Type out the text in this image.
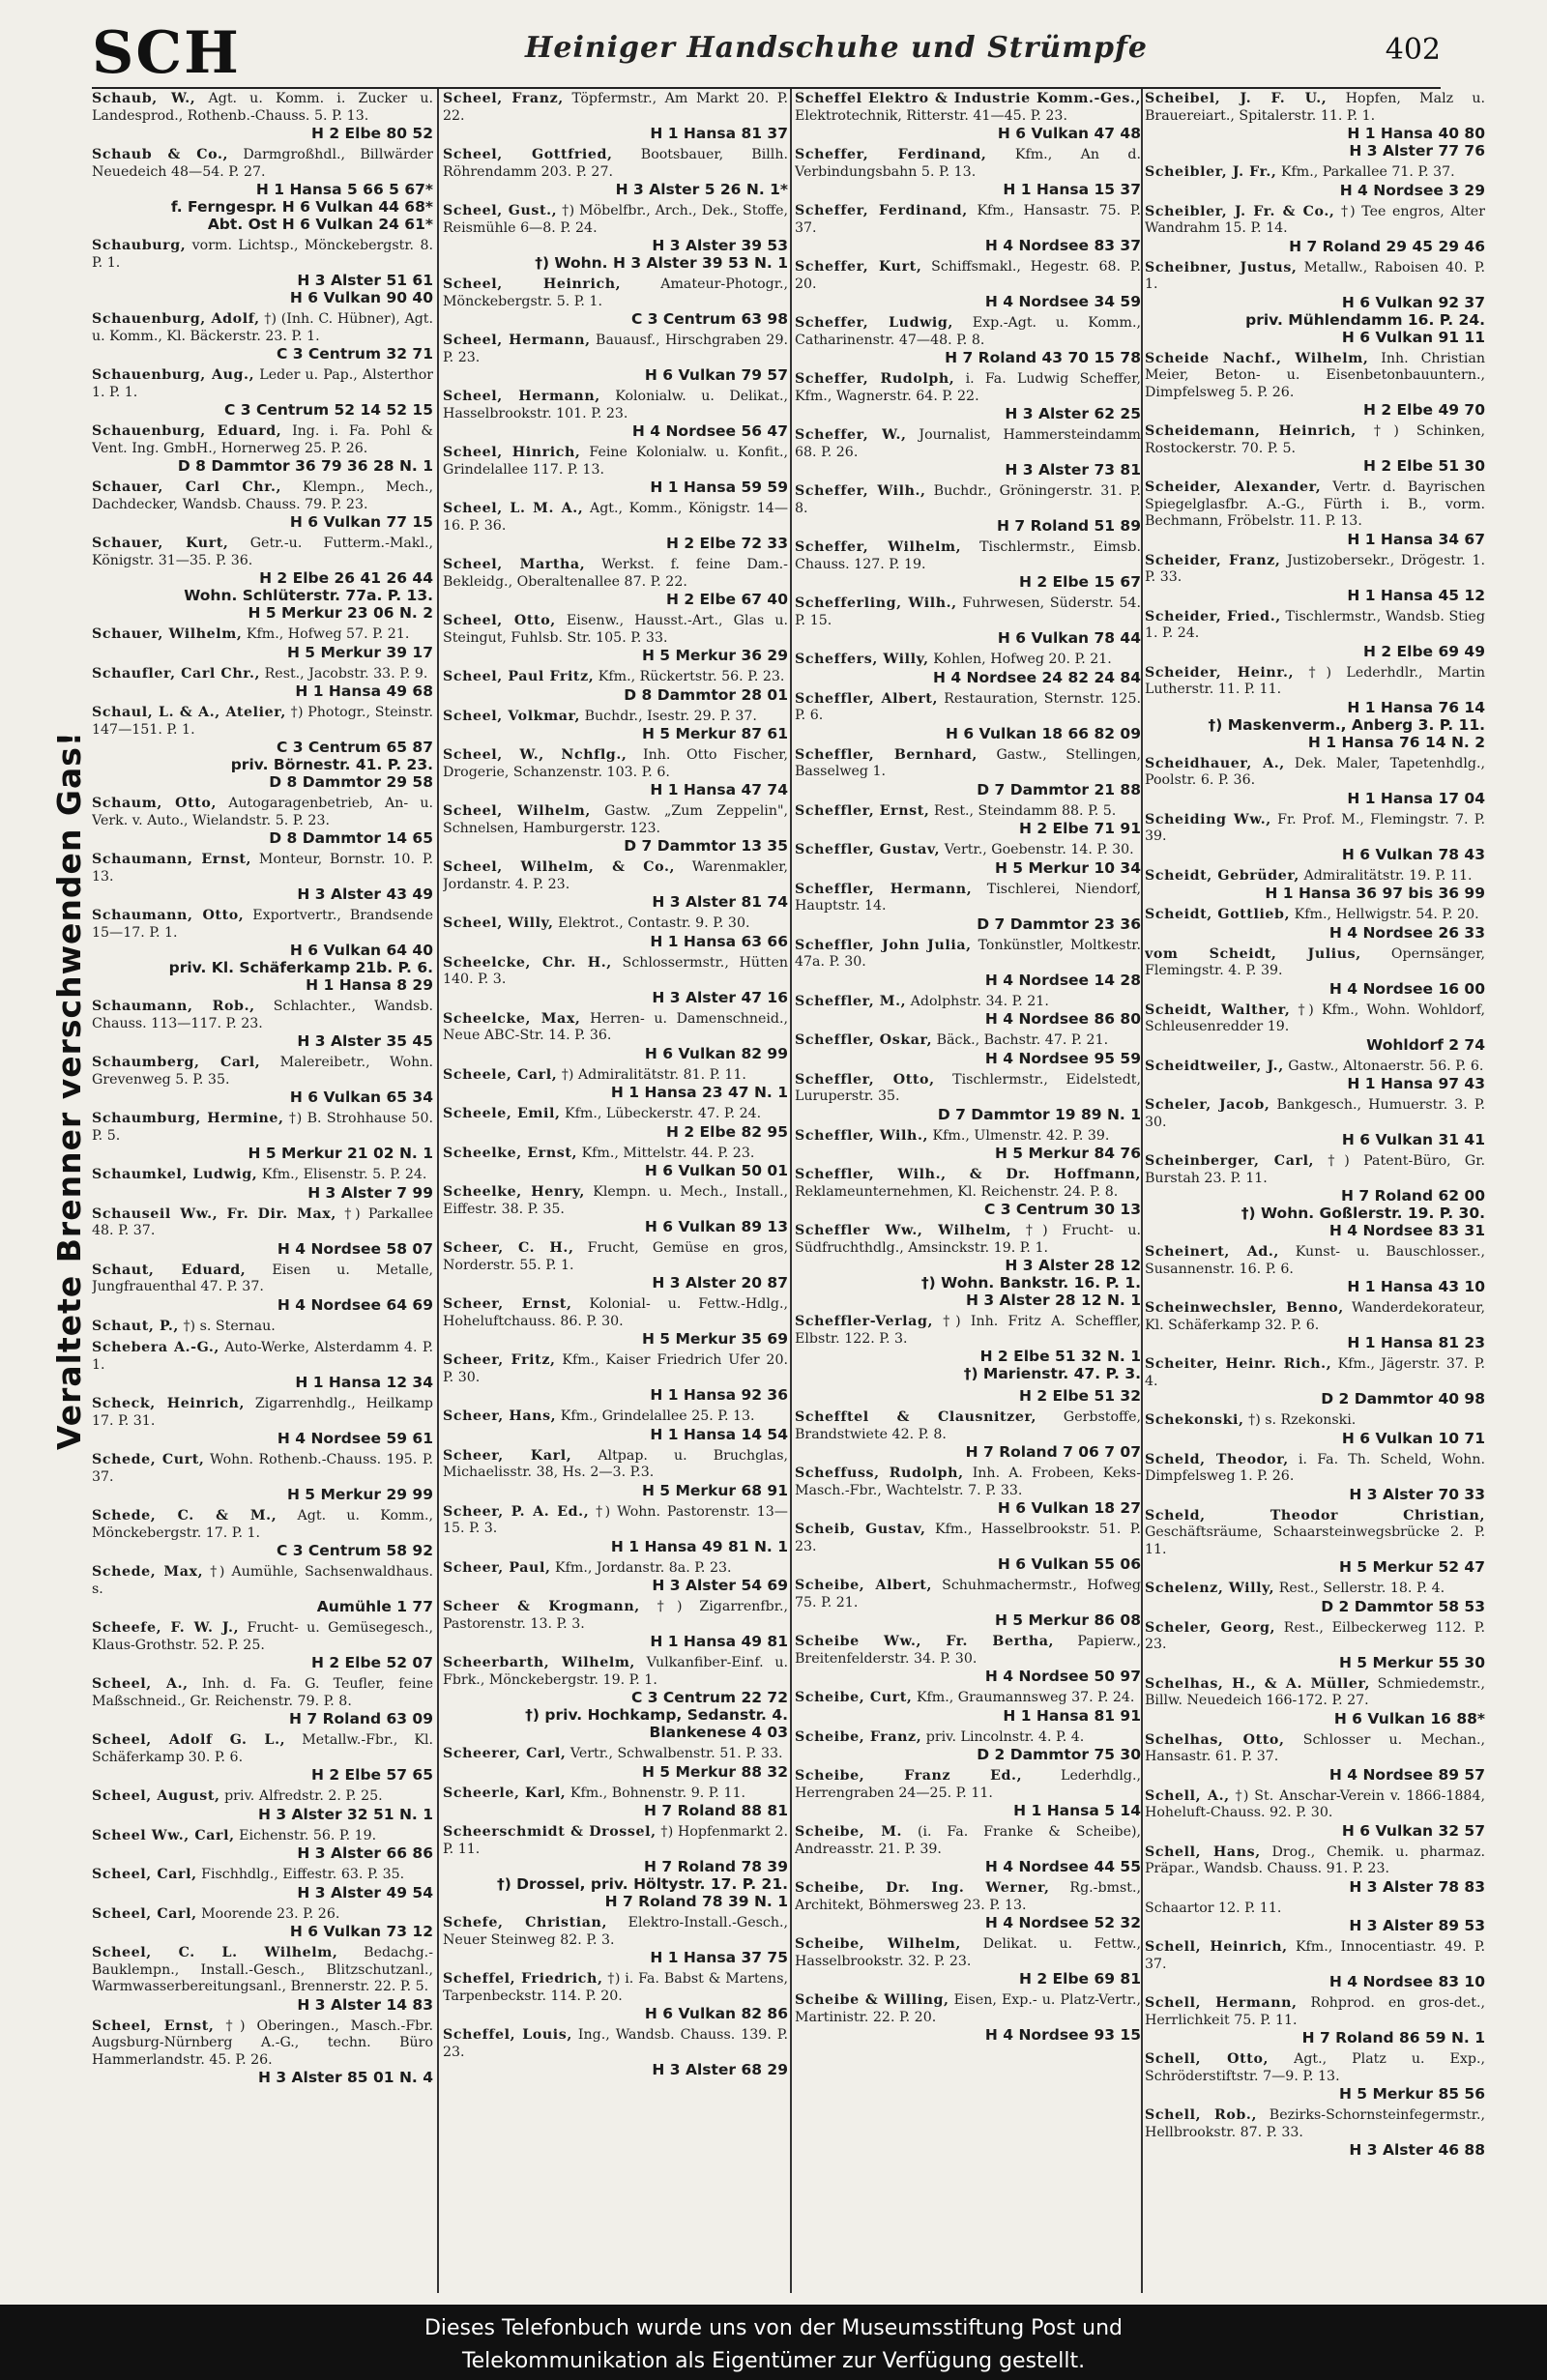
SCH	Heiniger Handschuhe und Strümpfe	402
Veraltete Brenner verschwenden Gas!
Schaub, W., Agt. u. Komm. i. Zucker u. Landesprod., Rothenb.-Chauss. 5. P. 13.
H 2 Elbe 80 52
Schaub & Co., Darmgroßhdl., Billwärder Neuedeich 48—54. P. 27.
H 1 Hansa 5 66 5 67*
f. Ferngespr. H 6 Vulkan 44 68*
Abt. Ost H 6 Vulkan 24 61*
Schauburg, vorm. Lichtsp., Mönckebergstr. 8. P. 1.
H 3 Alster 51 61
H 6 Vulkan 90 40
Schauenburg, Adolf, †) (Inh. C. Hübner), Agt. u. Komm., Kl. Bäckerstr. 23. P. 1.
C 3 Centrum 32 71
Schauenburg, Aug., Leder u. Pap., Alsterthor 1. P. 1.
C 3 Centrum 52 14 52 15
Schauenburg, Eduard, Ing. i. Fa. Pohl & Vent. Ing. GmbH., Hornerweg 25. P. 26.
D 8 Dammtor 36 79 36 28 N. 1
Schauer, Carl Chr., Klempn., Mech., Dachdecker, Wandsb. Chauss. 79. P. 23.
H 6 Vulkan 77 15
Schauer, Kurt, Getr.-u. Futterm.-Makl., Königstr. 31—35. P. 36.
H 2 Elbe 26 41 26 44
Wohn. Schlüterstr. 77a. P. 13.
H 5 Merkur 23 06 N. 2
Schauer, Wilhelm, Kfm., Hofweg 57. P. 21.
H 5 Merkur 39 17
Schaufler, Carl Chr., Rest., Jacobstr. 33. P. 9.
H 1 Hansa 49 68
Schaul, L. & A., Atelier, †) Photogr., Steinstr. 147—151. P. 1.
C 3 Centrum 65 87
priv. Börnestr. 41. P. 23.
D 8 Dammtor 29 58
Schaum, Otto, Autogaragenbetrieb, An- u. Verk. v. Auto., Wielandstr. 5. P. 23.
D 8 Dammtor 14 65
Schaumann, Ernst, Monteur, Bornstr. 10. P. 13.
H 3 Alster 43 49
Schaumann, Otto, Exportvertr., Brandsende 15—17. P. 1.
H 6 Vulkan 64 40
priv. Kl. Schäferkamp 21b. P. 6.
H 1 Hansa 8 29
Schaumann, Rob., Schlachter., Wandsb. Chauss. 113—117. P. 23.
H 3 Alster 35 45
Schaumberg, Carl, Malereibetr., Wohn. Grevenweg 5. P. 35.
H 6 Vulkan 65 34
Schaumburg, Hermine, †) B. Strohhause 50. P. 5.
H 5 Merkur 21 02 N. 1
Schaumkel, Ludwig, Kfm., Elisenstr. 5. P. 24.
H 3 Alster 7 99
Schauseil Ww., Fr. Dir. Max, †) Parkallee 48. P. 37.
H 4 Nordsee 58 07
Schaut, Eduard, Eisen u. Metalle, Jungfrauenthal 47. P. 37.
H 4 Nordsee 64 69
Schaut, P., †) s. Sternau.
Schebera A.-G., Auto-Werke, Alsterdamm 4. P. 1.
H 1 Hansa 12 34
Scheck, Heinrich, Zigarrenhdlg., Heilkamp 17. P. 31.
H 4 Nordsee 59 61
Schede, Curt, Wohn. Rothenb.-Chauss. 195. P. 37.
H 5 Merkur 29 99
Schede, C. & M., Agt. u. Komm., Mönckebergstr. 17. P. 1.
C 3 Centrum 58 92
Schede, Max, †) Aumühle, Sachsenwaldhaus. s.
Aumühle 1 77
Scheefe, F. W. J., Frucht- u. Gemüsegesch., Klaus-Grothstr. 52. P. 25.
H 2 Elbe 52 07
Scheel, A., Inh. d. Fa. G. Teufler, feine Maßschneid., Gr. Reichenstr. 79. P. 8.
H 7 Roland 63 09
Scheel, Adolf G. L., Metallw.-Fbr., Kl. Schäferkamp 30. P. 6.
H 2 Elbe 57 65
Scheel, August, priv. Alfredstr. 2. P. 25.
H 3 Alster 32 51 N. 1
Scheel Ww., Carl, Eichenstr. 56. P. 19.
H 3 Alster 66 86
Scheel, Carl, Fischhdlg., Eiffestr. 63. P. 35.
H 3 Alster 49 54
Scheel, Carl, Moorende 23. P. 26.
H 6 Vulkan 73 12
Scheel, C. L. Wilhelm, Bedachg.-Bauklempn., Install.-Gesch., Blitzschutzanl., Warmwasserbereitungsanl., Brennerstr. 22. P. 5.
H 3 Alster 14 83
Scheel, Ernst, †) Oberingen., Masch.-Fbr. Augsburg-Nürnberg A.-G., techn. Büro Hammerlandstr. 45. P. 26.
H 3 Alster 85 01 N. 4
Scheel, Franz, Töpfermstr., Am Markt 20. P. 22.
H 1 Hansa 81 37
Scheel, Gottfried, Bootsbauer, Billh. Röhrendamm 203. P. 27.
H 3 Alster 5 26 N. 1*
Scheel, Gust., †) Möbelfbr., Arch., Dek., Stoffe, Reismühle 6—8. P. 24.
H 3 Alster 39 53
†) Wohn. H 3 Alster 39 53 N. 1
Scheel, Heinrich,	Amateur-Photogr., Mönckebergstr. 5. P. 1.
C 3 Centrum 63 98
Scheel, Hermann, Bauausf., Hirschgraben 29. P. 23.
H 6 Vulkan 79 57
Scheel, Hermann, Kolonialw. u. Delikat., Hasselbrookstr. 101. P. 23.
H 4 Nordsee 56 47
Scheel, Hinrich, Feine Kolonialw. u. Konfit., Grindelallee 117. P. 13.
H 1 Hansa 59 59
Scheel, L. M. A., Agt., Komm., Königstr. 14—16. P. 36.
H 2 Elbe 72 33
Scheel, Martha, Werkst. f. feine Dam.-Bekleidg., Oberaltenallee 87. P. 22.
H 2 Elbe 67 40
Scheel, Otto, Eisenw., Hausst.-Art., Glas u. Steingut, Fuhlsb. Str. 105. P. 33.
H 5 Merkur 36 29
Scheel, Paul Fritz, Kfm., Rückertstr. 56. P. 23.
D 8 Dammtor 28 01
Scheel, Volkmar, Buchdr., Isestr. 29. P. 37.
H 5 Merkur 87 61
Scheel, W., Nchflg., Inh. Otto Fischer, Drogerie, Schanzenstr. 103. P. 6.
H 1 Hansa 47 74
Scheel, Wilhelm, Gastw. „Zum Zeppelin", Schnelsen, Hamburgerstr. 123.
D 7 Dammtor 13 35
Scheel, Wilhelm, & Co., Warenmakler, Jordanstr. 4. P. 23.
H 3 Alster 81 74
Scheel, Willy, Elektrot., Contastr. 9. P. 30.
H 1 Hansa 63 66
Scheelcke, Chr. H., Schlossermstr., Hütten 140. P. 3.
H 3 Alster 47 16
Scheelcke, Max, Herren- u. Damenschneid., Neue ABC-Str. 14. P. 36.
H 6 Vulkan 82 99
Scheele, Carl, †) Admiralitätstr. 81. P. 11.
H 1 Hansa 23 47 N. 1
Scheele, Emil, Kfm., Lübeckerstr. 47. P. 24.
H 2 Elbe 82 95
Scheelke, Ernst, Kfm., Mittelstr. 44. P. 23.
H 6 Vulkan 50 01
Scheelke, Henry, Klempn. u. Mech., Install., Eiffestr. 38. P. 35.
H 6 Vulkan 89 13
Scheer, C. H., Frucht, Gemüse en gros, Norderstr. 55. P. 1.
H 3 Alster 20 87
Scheer, Ernst, Kolonial- u. Fettw.-Hdlg., Hoheluftchauss. 86. P. 30.
H 5 Merkur 35 69
Scheer, Fritz, Kfm., Kaiser Friedrich Ufer 20. P. 30.
H 1 Hansa 92 36
Scheer, Hans, Kfm., Grindelallee 25. P. 13.
H 1 Hansa 14 54
Scheer, Karl, Altpap. u. Bruchglas, Michaelisstr. 38, Hs. 2—3. P.3.
H 5 Merkur 68 91
Scheer, P. A. Ed., †) Wohn. Pastorenstr. 13—15. P. 3.
H 1 Hansa 49 81 N. 1
Scheer, Paul, Kfm., Jordanstr. 8a. P. 23.
H 3 Alster 54 69
Scheer & Krogmann, †) Zigarrenfbr., Pastorenstr. 13. P. 3.
H 1 Hansa 49 81
Scheerbarth, Wilhelm, Vulkanfiber-Einf. u. Fbrk., Mönckebergstr. 19. P. 1.
C 3 Centrum 22 72
†) priv. Hochkamp, Sedanstr. 4.
Blankenese 4 03
Scheerer, Carl, Vertr., Schwalbenstr. 51. P. 33.
H 5 Merkur 88 32
Scheerle, Karl, Kfm., Bohnenstr. 9. P. 11.
H 7 Roland 88 81
Scheerschmidt & Drossel, †) Hopfenmarkt 2. P. 11.
H 7 Roland 78 39
†) Drossel, priv. Höltystr. 17. P. 21.
H 7 Roland 78 39 N. 1
Schefe, Christian, Elektro-Install.-Gesch., Neuer Steinweg 82. P. 3.
H 1 Hansa 37 75
Scheffel, Friedrich, †) i. Fa. Babst & Martens, Tarpenbeckstr. 114. P. 20.
H 6 Vulkan 82 86
Scheffel, Louis, Ing., Wandsb. Chauss. 139. P. 23.
H 3 Alster 68 29
Scheffel Elektro & Industrie Komm.-Ges., Elektrotechnik, Ritterstr. 41—45. P. 23.
H 6 Vulkan 47 48
Scheffer, Ferdinand, Kfm., An d. Verbindungsbahn 5. P. 13.
H 1 Hansa 15 37
Scheffer, Ferdinand, Kfm., Hansastr. 75. P. 37.
H 4 Nordsee 83 37
Scheffer, Kurt, Schiffsmakl., Hegestr. 68. P. 20.
H 4 Nordsee 34 59
Scheffer, Ludwig, Exp.-Agt. u. Komm., Catharinenstr. 47—48. P. 8.
H 7 Roland 43 70 15 78
Scheffer, Rudolph, i. Fa. Ludwig Scheffer, Kfm., Wagnerstr. 64. P. 22.
H 3 Alster 62 25
Scheffer, W., Journalist, Hammersteindamm 68. P. 26.
H 3 Alster 73 81
Scheffer, Wilh., Buchdr., Gröningerstr. 31. P. 8.
H 7 Roland 51 89
Scheffer, Wilhelm, Tischlermstr., Eimsb. Chauss. 127. P. 19.
H 2 Elbe 15 67
Schefferling, Wilh., Fuhrwesen, Süderstr. 54. P. 15.
H 6 Vulkan 78 44
Scheffers, Willy, Kohlen, Hofweg 20. P. 21.
H 4 Nordsee 24 82 24 84
Scheffler, Albert, Restauration, Sternstr. 125. P. 6.
H 6 Vulkan 18 66 82 09
Scheffler, Bernhard, Gastw., Stellingen, Basselweg 1.
D 7 Dammtor 21 88
Scheffler, Ernst, Rest., Steindamm 88. P. 5.
H 2 Elbe 71 91
Scheffler, Gustav, Vertr., Goebenstr. 14. P. 30.
H 5 Merkur 10 34
Scheffler, Hermann, Tischlerei, Niendorf, Hauptstr. 14.
D 7 Dammtor 23 36
Scheffler, John Julia, Tonkünstler, Moltkestr. 47a. P. 30.
H 4 Nordsee 14 28
Scheffler, M., Adolphstr. 34. P. 21.
H 4 Nordsee 86 80
Scheffler, Oskar, Bäck., Bachstr. 47. P. 21.
H 4 Nordsee 95 59
Scheffler, Otto, Tischlermstr., Eidelstedt, Luruperstr. 35.
D 7 Dammtor 19 89 N. 1
Scheffler, Wilh., Kfm., Ulmenstr. 42. P. 39.
H 5 Merkur 84 76
Scheffler, Wilh., & Dr. Hoffmann, Reklameunternehmen, Kl. Reichenstr. 24. P. 8.
C 3 Centrum 30 13
Scheffler Ww., Wilhelm, †) Frucht- u. Südfruchthdlg., Amsinckstr. 19. P. 1.
H 3 Alster 28 12
†) Wohn. Bankstr. 16. P. 1.
H 3 Alster 28 12 N. 1
Scheffler-Verlag, †) Inh. Fritz A. Scheffler, Elbstr. 122. P. 3.
H 2 Elbe 51 32 N. 1
†) Marienstr. 47. P. 3.
H 2 Elbe 51 32
Schefftel & Clausnitzer, Gerbstoffe, Brandstwiete 42. P. 8.
H 7 Roland 7 06 7 07
Scheffuss, Rudolph, Inh. A. Frobeen, Keks-Masch.-Fbr., Wachtelstr. 7. P. 33.
H 6 Vulkan 18 27
Scheib, Gustav, Kfm., Hasselbrookstr. 51. P. 23.
H 6 Vulkan 55 06
Scheibe, Albert, Schuhmachermstr., Hofweg 75. P. 21.
H 5 Merkur 86 08
Scheibe Ww., Fr. Bertha, Papierw., Breitenfelderstr. 34. P. 30.
H 4 Nordsee 50 97
Scheibe, Curt, Kfm., Graumannsweg 37. P. 24.
H 1 Hansa 81 91
Scheibe, Franz, priv. Lincolnstr. 4. P. 4.
D 2 Dammtor 75 30
Scheibe, Franz Ed.,	Lederhdlg., Herrengraben 24—25. P. 11.
H 1 Hansa 5 14
Scheibe, M. (i. Fa. Franke & Scheibe), Andreasstr. 21. P. 39.
H 4 Nordsee 44 55
Scheibe, Dr. Ing. Werner, Rg.-bmst., Architekt, Böhmersweg 23. P. 13.
H 4 Nordsee 52 32
Scheibe, Wilhelm, Delikat. u. Fettw., Hasselbrookstr. 32. P. 23.
H 2 Elbe 69 81
Scheibe & Willing, Eisen, Exp.- u. Platz-Vertr., Martinistr. 22. P. 20.
H 4 Nordsee 93 15
Scheibel, J. F. U., Hopfen, Malz u. Brauereiart., Spitalerstr. 11. P. 1.
H 1 Hansa 40 80
H 3 Alster 77 76
Scheibler, J. Fr., Kfm., Parkallee 71. P. 37.
H 4 Nordsee 3 29
Scheibler, J. Fr. & Co., †) Tee engros, Alter Wandrahm 15. P. 14.
H 7 Roland 29 45 29 46
Scheibner, Justus, Metallw., Raboisen 40. P. 1.
H 6 Vulkan 92 37
priv. Mühlendamm 16. P. 24.
H 6 Vulkan 91 11
Scheide Nachf., Wilhelm, Inh. Christian Meier, Beton- u. Eisenbetonbauuntern., Dimpfelsweg 5. P. 26.
H 2 Elbe 49 70
Scheidemann, Heinrich, †) Schinken, Rostockerstr. 70. P. 5.
H 2 Elbe 51 30
Scheider, Alexander, Vertr. d. Bayrischen Spiegelglasfbr. A.-G., Fürth i. B., vorm. Bechmann, Fröbelstr. 11. P. 13.
H 1 Hansa 34 67
Scheider, Franz, Justizobersekr., Drögestr. 1. P. 33.
H 1 Hansa 45 12
Scheider, Fried., Tischlermstr., Wandsb. Stieg 1. P. 24.
H 2 Elbe 69 49
Scheider, Heinr., †) Lederhdlr., Martin Lutherstr. 11. P. 11.
H 1 Hansa 76 14
†) Maskenverm., Anberg 3. P. 11.
H 1 Hansa 76 14 N. 2
Scheidhauer, A., Dek. Maler, Tapetenhdlg., Poolstr. 6. P. 36.
H 1 Hansa 17 04
Scheiding Ww., Fr. Prof. M., Flemingstr. 7. P. 39.
H 6 Vulkan 78 43
Scheidt, Gebrüder, Admiralitätstr. 19. P. 11.
H 1 Hansa 36 97 bis 36 99
Scheidt, Gottlieb, Kfm., Hellwigstr. 54. P. 20.
H 4 Nordsee 26 33
vom Scheidt, Julius, Opernsänger, Flemingstr. 4. P. 39.
H 4 Nordsee 16 00
Scheidt, Walther, †) Kfm., Wohn. Wohldorf, Schleusenredder 19.
Wohldorf 2 74
Scheidtweiler, J., Gastw., Altonaerstr. 56. P. 6.
H 1 Hansa 97 43
Scheler, Jacob, Bankgesch., Humuerstr. 3. P. 30.
H 6 Vulkan 31 41
Scheinberger, Carl, †) Patent-Büro, Gr. Burstah 23. P. 11.
H 7 Roland 62 00
†) Wohn. Goßlerstr. 19. P. 30.
H 4 Nordsee 83 31
Scheinert, Ad., Kunst- u. Bauschlosser., Susannenstr. 16. P. 6.
H 1 Hansa 43 10
Scheinwechsler, Benno, Wanderdekorateur, Kl. Schäferkamp 32. P. 6.
H 1 Hansa 81 23
Scheiter, Heinr. Rich., Kfm., Jägerstr. 37. P. 4.
D 2 Dammtor 40 98
Schekonski, †) s. Rzekonski.
H 6 Vulkan 10 71
Scheld, Theodor, i. Fa. Th. Scheld, Wohn. Dimpfelsweg 1. P. 26.
H 3 Alster 70 33
Scheld, Theodor Christian, Geschäftsräume, Schaarsteinwegsbrücke 2. P. 11.
H 5 Merkur 52 47
Schelenz, Willy, Rest., Sellerstr. 18. P. 4.
D 2 Dammtor 58 53
Scheler, Georg, Rest., Eilbeckerweg 112. P. 23.
H 5 Merkur 55 30
Schelhas, H., & A. Müller, Schmiedemstr., Billw. Neuedeich 166-172. P. 27.
H 6 Vulkan 16 88*
Schelhas, Otto, Schlosser u. Mechan., Hansastr. 61. P. 37.
H 4 Nordsee 89 57
Schell, A., †) St. Anschar-Verein v. 1866-1884, Hoheluft-Chauss. 92. P. 30.
H 6 Vulkan 32 57
Schell, Hans, Drog., Chemik. u. pharmaz. Präpar., Wandsb. Chauss. 91. P. 23.
H 3 Alster 78 83
Schaartor 12. P. 11.
H 3 Alster 89 53
Schell, Heinrich, Kfm., Innocentiastr. 49. P. 37.
H 4 Nordsee 83 10
Schell, Hermann, Rohprod. en gros-det., Herrlichkeit 75. P. 11.
H 7 Roland 86 59 N. 1
Schell, Otto, Agt., Platz u. Exp., Schröderstiftstr. 7—9. P. 13.
H 5 Merkur 85 56
Schell, Rob., Bezirks-Schornsteinfegermstr., Hellbrookstr. 87. P. 33.
H 3 Alster 46 88
Dieses Telefonbuch wurde uns von der Museumsstiftung Post und
Telekommunikation als Eigentümer zur Verfügung gestellt.
